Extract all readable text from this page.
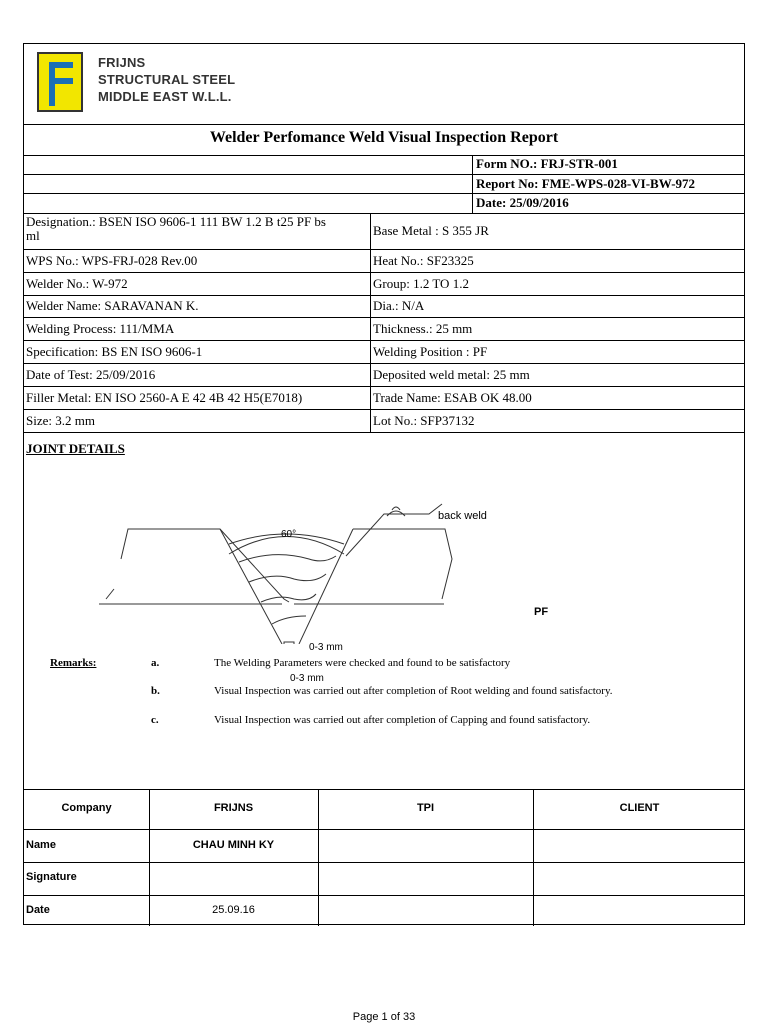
FRIJNS
STRUCTURAL STEEL
MIDDLE EAST W.L.L.
Welder Perfomance Weld Visual Inspection Report
Form NO.: FRJ-STR-001
Report No: FME-WPS-028-VI-BW-972
Date: 25/09/2016
Designation.: BSEN ISO 9606-1 111 BW 1.2 B t25 PF bs
ml	Base Metal : S 355 JR
WPS No.: WPS-FRJ-028 Rev.00	Heat No.: SF23325
Welder No.: W-972	Group: 1.2 TO 1.2
Welder Name: SARAVANAN K.	Dia.: N/A
Welding Process: 111/MMA	Thickness.: 25 mm
Specification: BS EN ISO 9606-1	Welding Position : PF
Date of Test: 25/09/2016	Deposited weld metal: 25 mm
Filler Metal: EN ISO 2560-A E 42 4B 42 H5(E7018)	Trade Name: ESAB OK 48.00
Size: 3.2 mm	Lot No.: SFP37132
JOINT DETAILS
60°
back weld
0-3 mm
0-3 mm
PF
Remarks:	a.	The Welding Parameters were checked and found to be satisfactory
b.	Visual Inspection was carried out after completion of Root welding and found satisfactory.
c.	Visual Inspection was carried out after completion of Capping and found satisfactory.
Company	FRIJNS	TPI	CLIENT
Name	CHAU MINH KY
Signature
Date	25.09.16
Page 1 of 33
